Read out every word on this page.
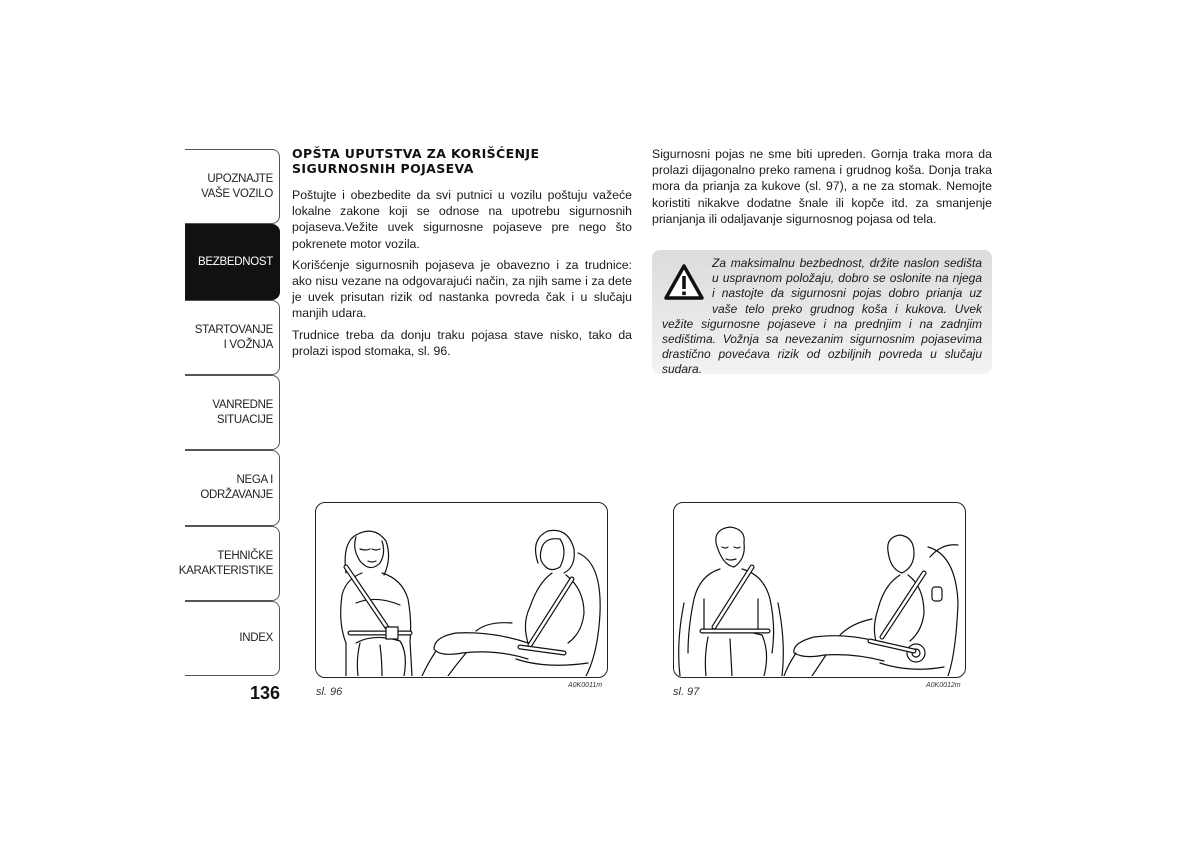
UPOZNAJTE
VAŠE VOZILO
BEZBEDNOST
STARTOVANJE
I VOŽNJA
VANREDNE
SITUACIJE
NEGA I
ODRŽAVANJE
TEHNIČKE
KARAKTERISTIKE
INDEX
136
OPŠTA UPUTSTVA ZA KORIŠĆENJE
SIGURNOSNIH POJASEVA

Poštujte i obezbedite da svi putnici u vozilu poštuju važeće lokalne zakone koji se odnose na upotrebu sigurnosnih pojaseva.Vežite uvek sigurnosne pojaseve pre nego što pokrenete motor vozila.

Korišćenje sigurnosnih pojaseva je obavezno i za trudnice: ako nisu vezane na odgovarajući način, za njih same i za dete je uvek prisutan rizik od nastanka povreda čak i u slučaju manjih udara.

Trudnice treba da donju traku pojasa stave nisko, tako da prolazi ispod stomaka, sl. 96.

Sigurnosni pojas ne sme biti upreden. Gornja traka mora da prolazi dijagonalno preko ramena i grudnog koša. Donja traka mora da prianja za kukove (sl. 97), a ne za stomak. Nemojte koristiti nikakve dodatne šnale ili kopče itd. za smanjenje prianjanja ili odaljavanje sigurnosnog pojasa od tela.

Za maksimalnu bezbednost, držite naslon sedišta u uspravnom položaju, dobro se oslonite na njega i nastojte da sigurnosni pojas dobro prianja uz vaše telo preko grudnog koša i kukova. Uvek vežite sigurnosne pojaseve i na prednjim i na zadnjim sedištima. Vožnja sa nevezanim sigurnosnim pojasevima drastično povećava rizik od ozbiljnih povreda u slučaju sudara.
sl. 96
A0K0011m
sl. 97
A0K0012m
